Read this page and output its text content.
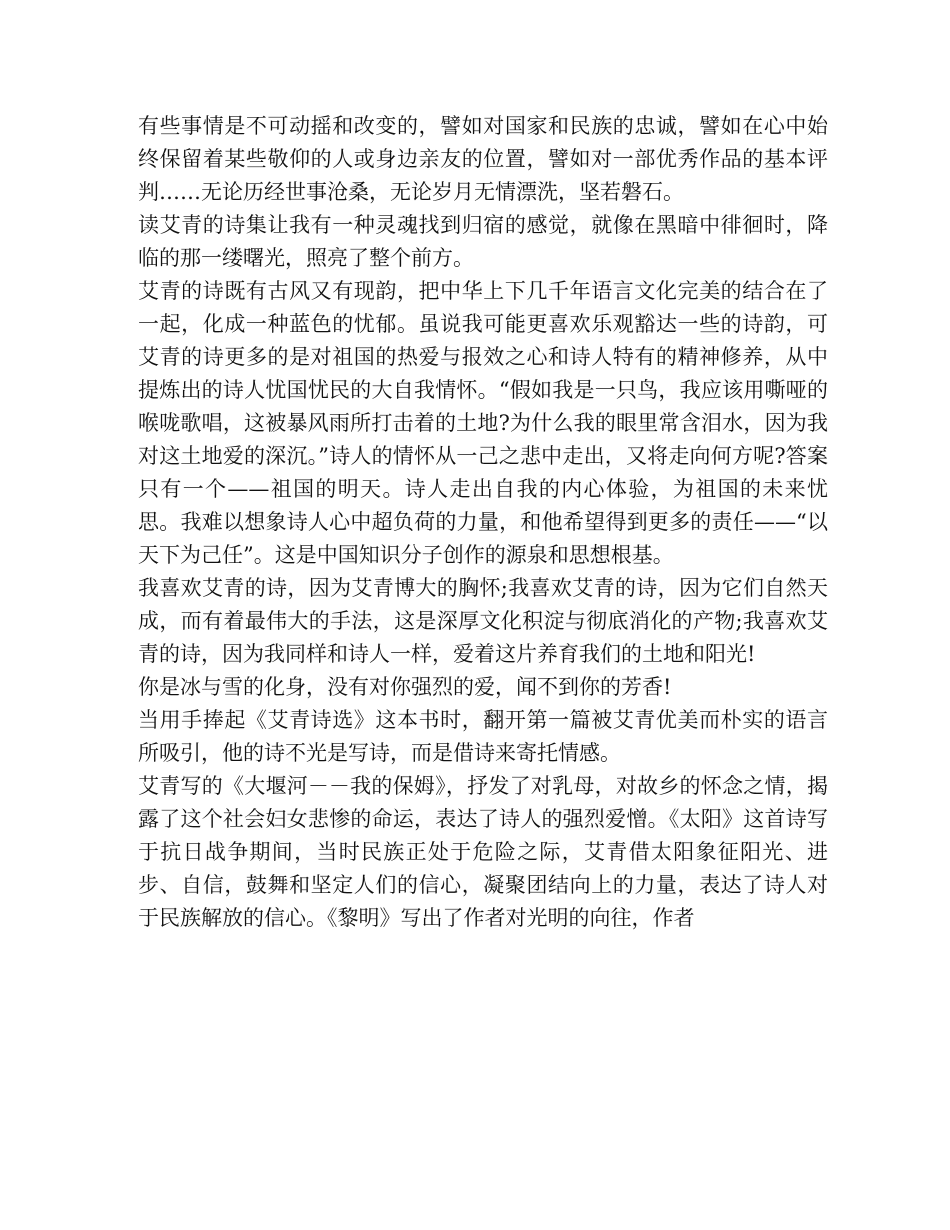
有些事情是不可动摇和改变的，譬如对国家和民族的忠诚，譬如在心中始终保留着某些敬仰的人或身边亲友的位置，譬如对一部优秀作品的基本评判……无论历经世事沧桑，无论岁月无情漂洗，坚若磐石。

读艾青的诗集让我有一种灵魂找到归宿的感觉，就像在黑暗中徘徊时，降临的那一缕曙光，照亮了整个前方。

艾青的诗既有古风又有现韵，把中华上下几千年语言文化完美的结合在了一起，化成一种蓝色的忧郁。虽说我可能更喜欢乐观豁达一些的诗韵，可艾青的诗更多的是对祖国的热爱与报效之心和诗人特有的精神修养，从中提炼出的诗人忧国忧民的大自我情怀。“假如我是一只鸟，我应该用嘶哑的喉咙歌唱，这被暴风雨所打击着的土地?为什么我的眼里常含泪水，因为我对这土地爱的深沉。”诗人的情怀从一己之悲中走出，又将走向何方呢?答案只有一个——祖国的明天。诗人走出自我的内心体验，为祖国的未来忧思。我难以想象诗人心中超负荷的力量，和他希望得到更多的责任——“以天下为己任”。这是中国知识分子创作的源泉和思想根基。

我喜欢艾青的诗，因为艾青博大的胸怀;我喜欢艾青的诗，因为它们自然天成，而有着最伟大的手法，这是深厚文化积淀与彻底消化的产物;我喜欢艾青的诗，因为我同样和诗人一样，爱着这片养育我们的土地和阳光!

你是冰与雪的化身，没有对你强烈的爱，闻不到你的芳香!

当用手捧起《艾青诗选》这本书时，翻开第一篇被艾青优美而朴实的语言所吸引，他的诗不光是写诗，而是借诗来寄托情感。

艾青写的《大堰河－－我的保姆》，抒发了对乳母，对故乡的怀念之情，揭露了这个社会妇女悲惨的命运，表达了诗人的强烈爱憎。《太阳》这首诗写于抗日战争期间，当时民族正处于危险之际，艾青借太阳象征阳光、进步、自信，鼓舞和坚定人们的信心，凝聚团结向上的力量，表达了诗人对于民族解放的信心。《黎明》写出了作者对光明的向往，作者
